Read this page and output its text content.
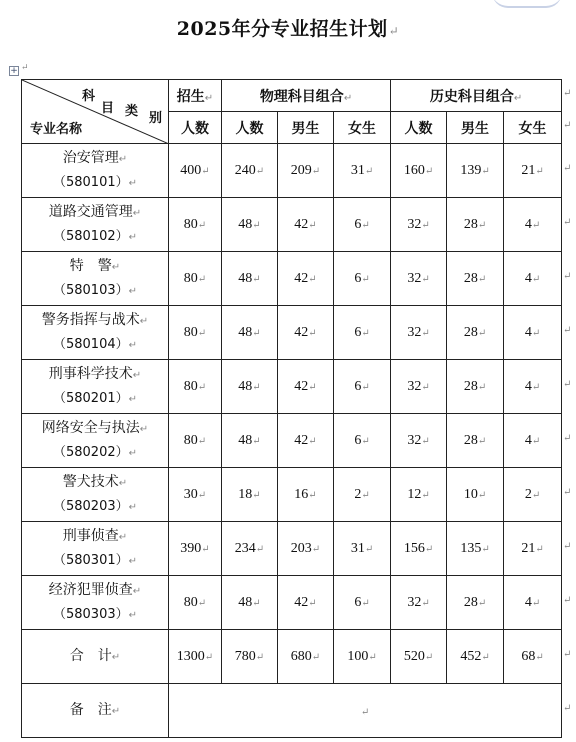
2025年分专业招生计划↵
+ ↵
科
目 类 别
专业名称	招生↵	物理科目组合↵			历史科目组合↵		
	人数	人数	男生	女生	人数	男生	女生

治安管理↵
（580101）↵	400↵	240↵	209↵	31↵	160↵	139↵	21↵

道路交通管理↵
（580102）↵	80↵	48↵	42↵	6↵	32↵	28↵	4↵

特　警↵
（580103）↵	80↵	48↵	42↵	6↵	32↵	28↵	4↵

警务指挥与战术↵
（580104）↵	80↵	48↵	42↵	6↵	32↵	28↵	4↵

刑事科学技术↵
（580201）↵	80↵	48↵	42↵	6↵	32↵	28↵	4↵

网络安全与执法↵
（580202）↵	80↵	48↵	42↵	6↵	32↵	28↵	4↵

警犬技术↵
（580203）↵	30↵	18↵	16↵	2↵	12↵	10↵	2↵

刑事侦查↵
（580301）↵	390↵	234↵	203↵	31↵	156↵	135↵	21↵

经济犯罪侦查↵
（580303）↵	80↵	48↵	42↵	6↵	32↵	28↵	4↵
合　计↵	1300↵	780↵	680↵	100↵	520↵	452↵	68↵
备　注↵	↵						
↵
↵
↵
↵
↵
↵
↵
↵
↵
↵
↵
↵
↵
